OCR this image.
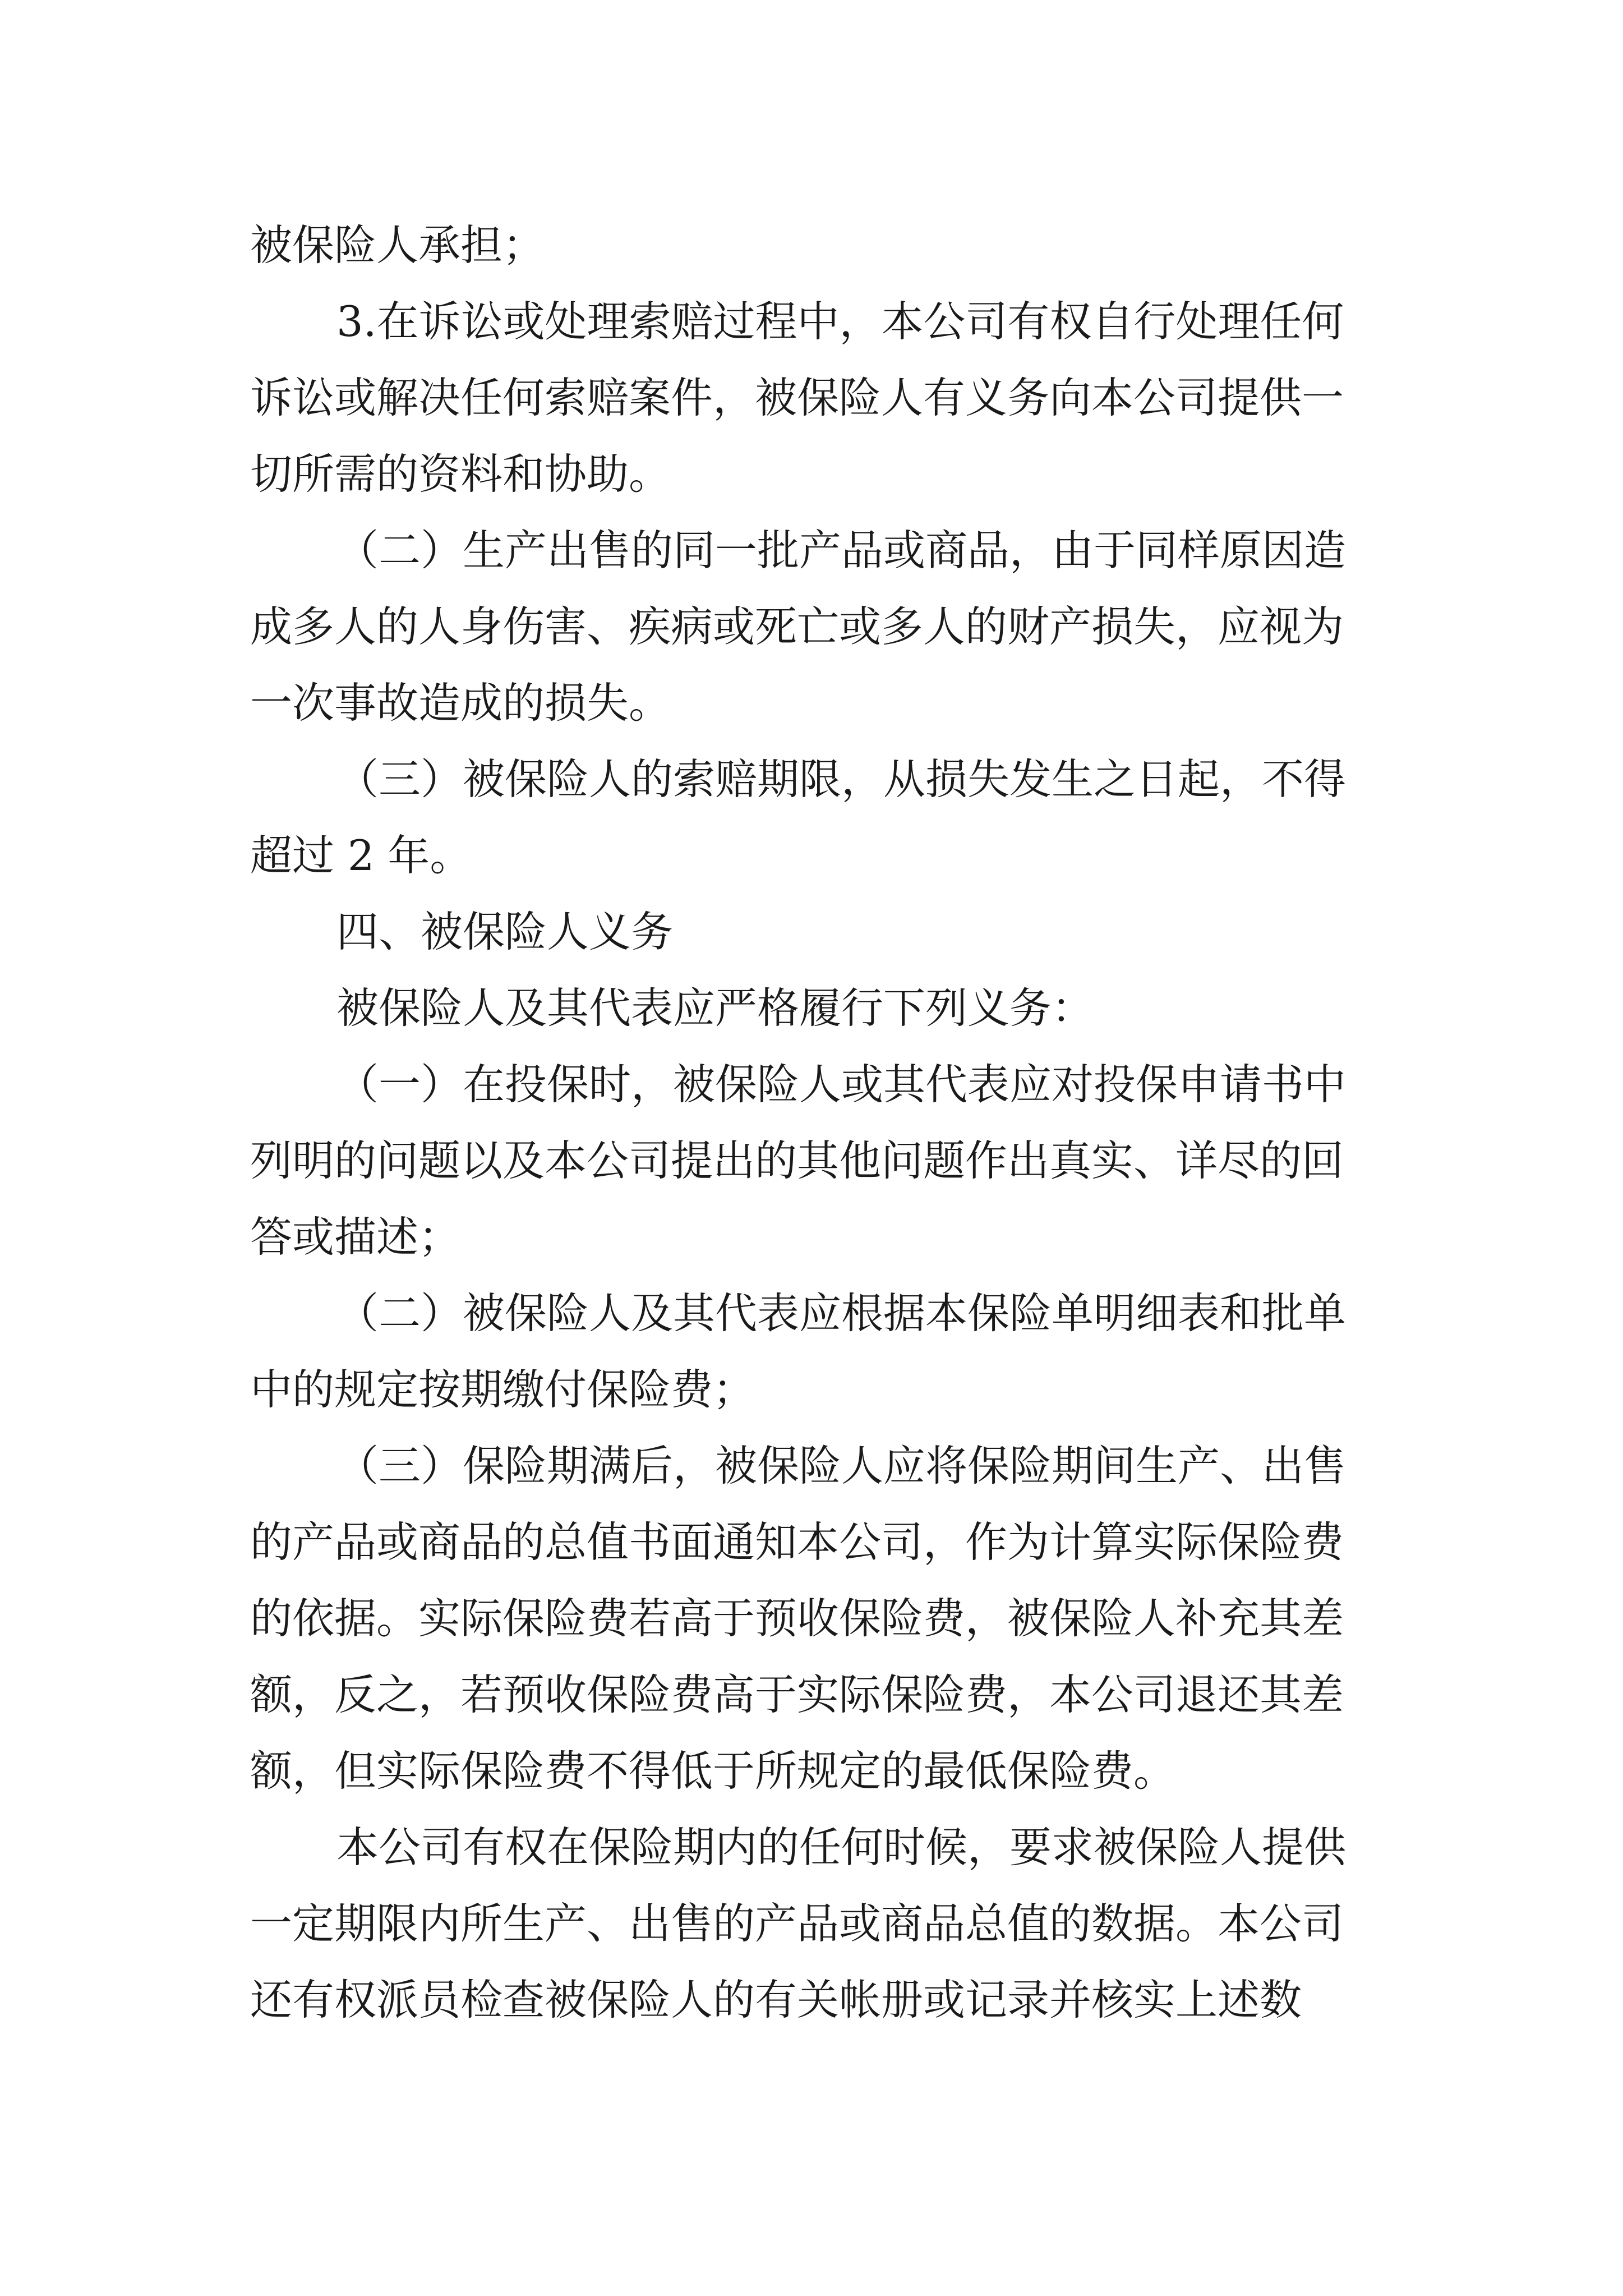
被保险人承担；
3.在诉讼或处理索赔过程中，本公司有权自行处理任何
诉讼或解决任何索赔案件，被保险人有义务向本公司提供一
切所需的资料和协助。
（二）生产出售的同一批产品或商品，由于同样原因造
成多人的人身伤害、疾病或死亡或多人的财产损失，应视为
一次事故造成的损失。
（三）被保险人的索赔期限，从损失发生之日起，不得
超过 2 年。
四、被保险人义务
被保险人及其代表应严格履行下列义务：
（一）在投保时，被保险人或其代表应对投保申请书中
列明的问题以及本公司提出的其他问题作出真实、详尽的回
答或描述；
（二）被保险人及其代表应根据本保险单明细表和批单
中的规定按期缴付保险费；
（三）保险期满后，被保险人应将保险期间生产、出售
的产品或商品的总值书面通知本公司，作为计算实际保险费
的依据。实际保险费若高于预收保险费，被保险人补充其差
额，反之，若预收保险费高于实际保险费，本公司退还其差
额，但实际保险费不得低于所规定的最低保险费。
本公司有权在保险期内的任何时候，要求被保险人提供
一定期限内所生产、出售的产品或商品总值的数据。本公司
还有权派员检查被保险人的有关帐册或记录并核实上述数
